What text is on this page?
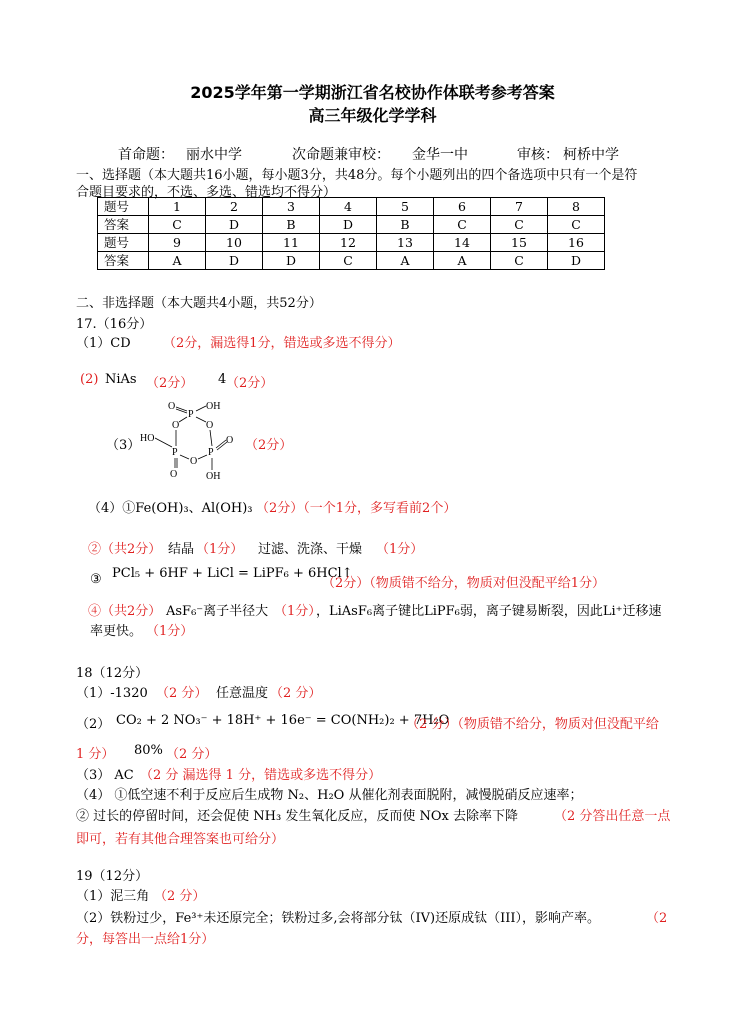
2025学年第一学期浙江省名校协作体联考参考答案
高三年级化学学科
首命题： 丽水中学	次命题兼审校： 金华一中	审核： 柯桥中学
一、选择题（本大题共16小题，每小题3分，共48分。每个小题列出的四个备选项中只有一个是符
合题目要求的，不选、多选、错选均不得分）
题号	1	2	3	4	5	6	7	8
答案	C	D	B	D	B	C	C	C
题号	9	10	11	12	13	14	15	16
答案	A	D	D	C	A	A	C	D
二、非选择题（本大题共4小题，共52分）
17.（16分）
（1）CD （2分，漏选得1分，错选或多选不得分）
(2) NiAs （2分） 4 （2分）
（3）
O
P
OH
O	O
HO
P
O
P
O
O	OH
（2分）
（4）①Fe(OH)₃、Al(OH)₃ （2分）（一个1分，多写看前2个）
②（共2分） 结晶 （1分） 过滤、洗涤、干燥 （1分）
③ PCl₅ + 6HF + LiCl = LiPF₆ + 6HCl↑
（2分）（物质错不给分，物质对但没配平给1分）
④（共2分） AsF₆⁻离子半径大 （1分）
，LiAsF₆离子键比LiPF₆弱，离子键易断裂，因此Li⁺迁移速
率更快。 （1分）
18（12分）
（1）-1320 （2 分） 任意温度 （2 分）
（2） CO₂ + 2 NO₃⁻ + 18H⁺ + 16e⁻ = CO(NH₂)₂ + 7H₂O
（2 分）（物质错不给分，物质对但没配平给
1 分） 80% （2 分）
（3） AC （2 分 漏选得 1 分，错选或多选不得分）
（4） ①低空速不利于反应后生成物 N₂、H₂O 从催化剂表面脱附，减慢脱硝反应速率；
② 过长的停留时间，还会促使 NH₃ 发生氧化反应，反而使 NOx 去除率下降	（2 分答出任意一点
即可，若有其他合理答案也可给分）
19（12分）
（1）泥三角 （2 分）
（2）铁粉过少，Fe³⁺未还原完全；铁粉过多,会将部分钛（IV)还原成钛（III），影响产率。	（2
分，每答出一点给1分）
